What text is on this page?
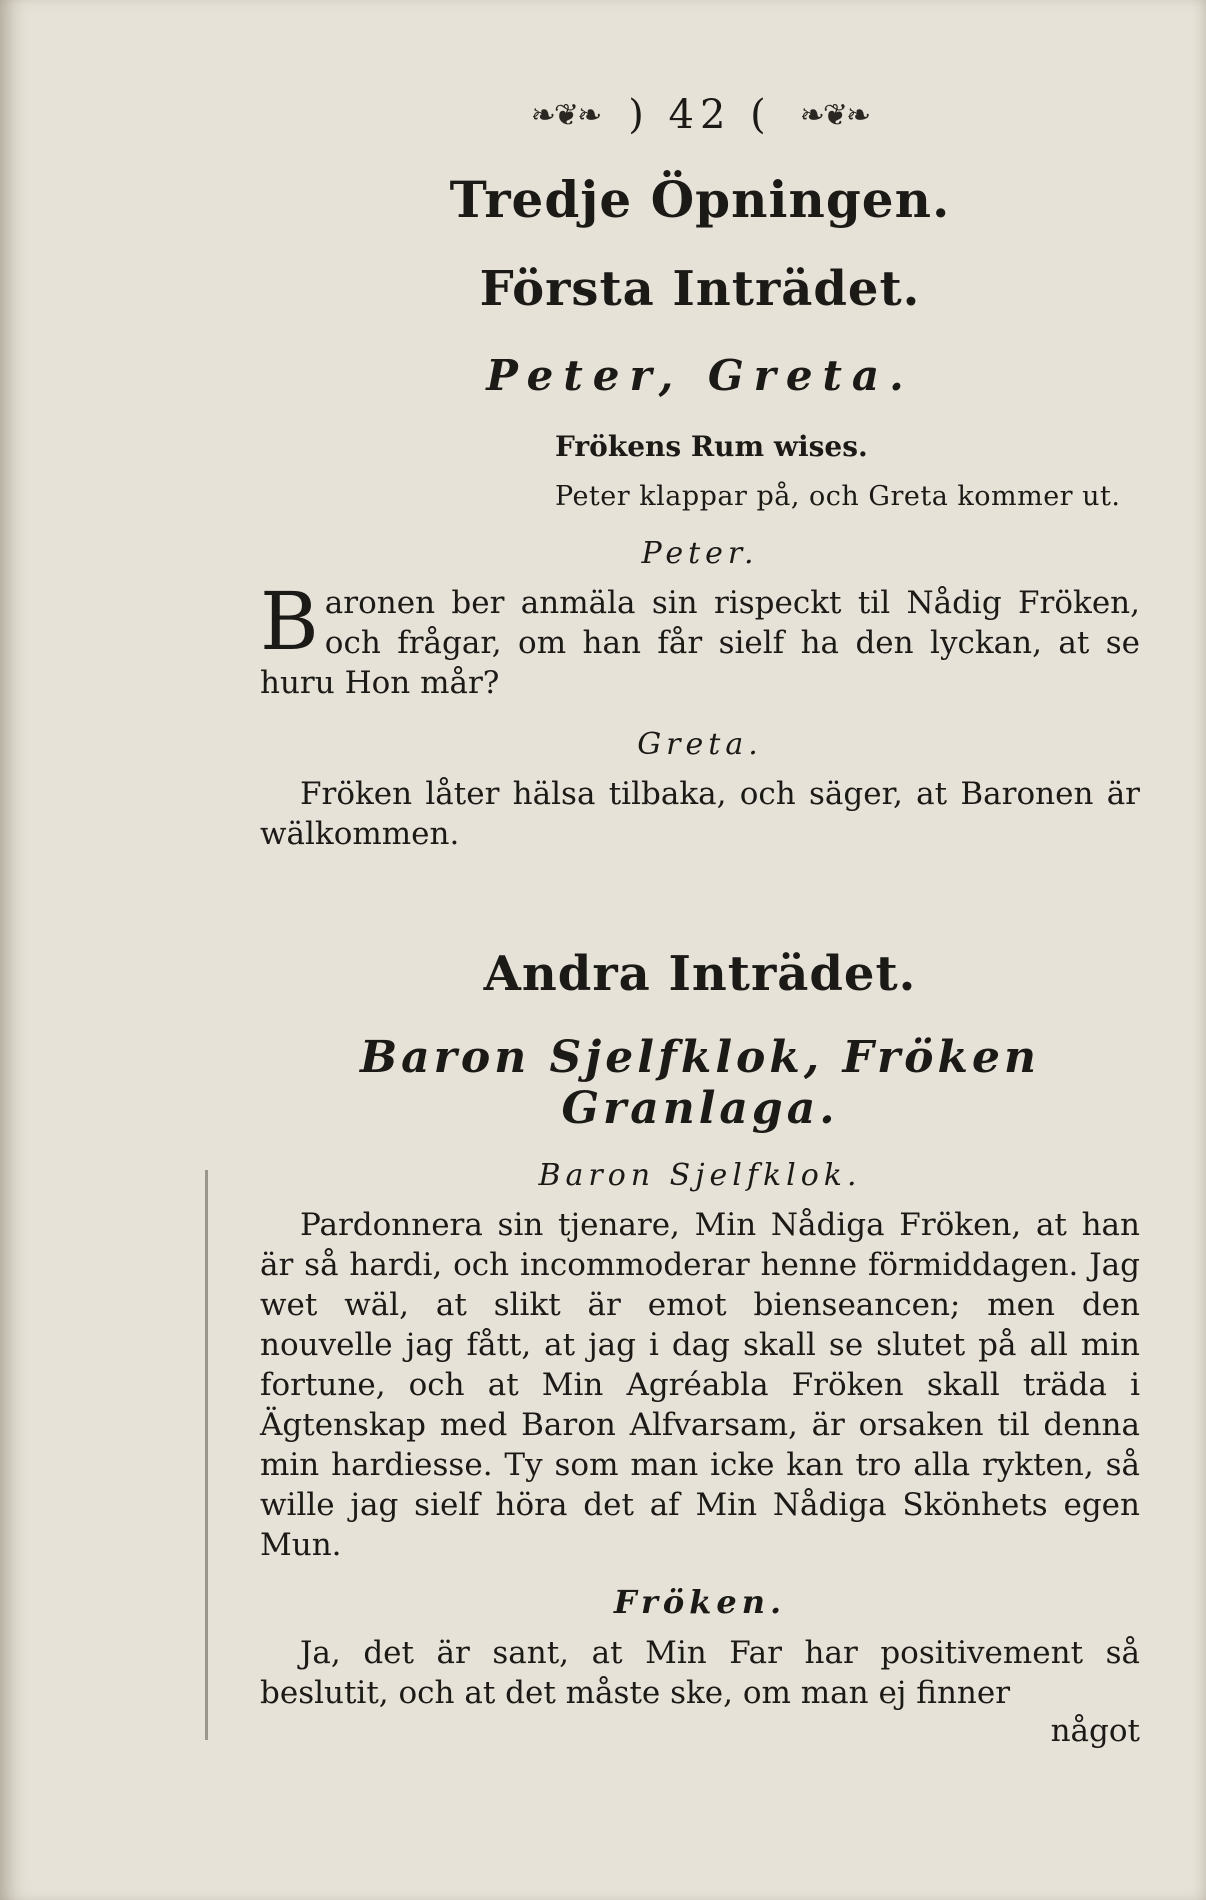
❧❦❧ ) 42 ( ❧❦❧
Tredje Öpningen.
Första Inträdet.
Peter, Greta.
Frökens Rum wises.
Peter klappar på, och Greta kommer ut.
Peter.

Baronen ber anmäla sin rispeckt til Nådig Fröken, och frågar, om han får sielf ha den lyckan, at se huru Hon mår?

Greta.

Fröken låter hälsa tilbaka, och säger, at Baronen är wälkommen.

Andra Inträdet.
Baron Sjelfklok, Fröken Granlaga.
Baron Sjelfklok.

Pardonnera sin tjenare, Min Nådiga Fröken, at han är så hardi, och incommoderar henne förmiddagen. Jag wet wäl, at slikt är emot bienseancen; men den nouvelle jag fått, at jag i dag skall se slutet på all min fortune, och at Min Agréabla Fröken skall träda i Ägtenskap med Baron Alfvarsam, är orsaken til denna min hardiesse. Ty som man icke kan tro alla rykten, så wille jag sielf höra det af Min Nådiga Skönhets egen Mun.

Fröken.

Ja, det är sant, at Min Far har positivement så beslutit, och at det måste ske, om man ej finner

något
